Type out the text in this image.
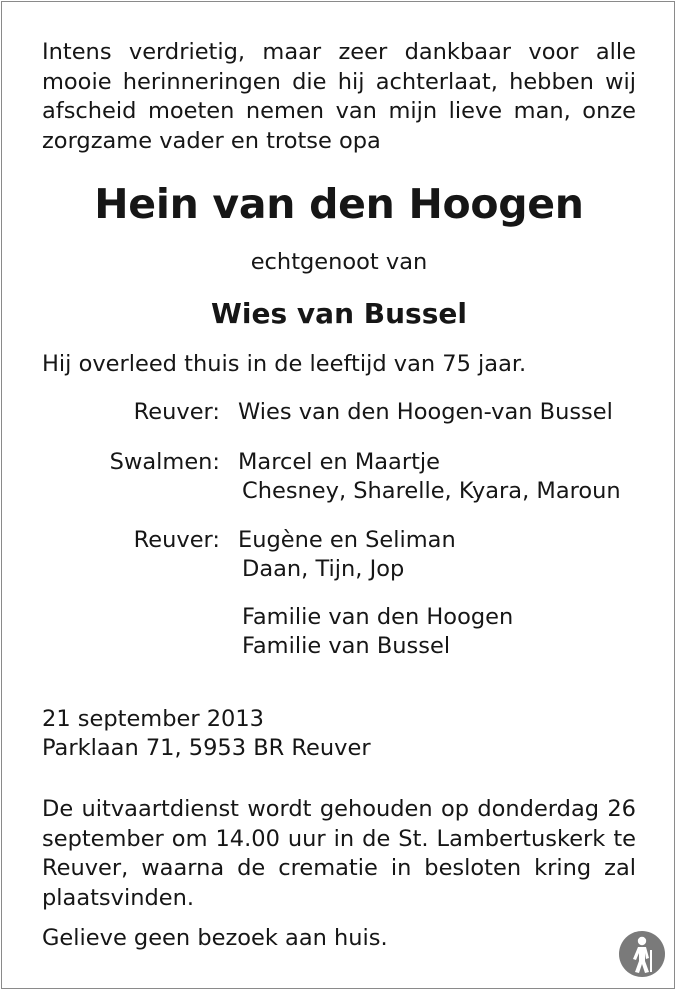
Intens verdrietig, maar zeer dankbaar voor alle mooie herinneringen die hij achterlaat, hebben wij afscheid moeten nemen van mijn lieve man, onze zorgzame vader en trotse opa

Hein van den Hoogen

echtgenoot van

Wies van Bussel

Hij overleed thuis in de leeftijd van 75 jaar.

Reuver: Wies van den Hoogen-van Bussel

Swalmen: Marcel en Maartje

Chesney, Sharelle, Kyara, Maroun

Reuver: Eugène en Seliman

Daan, Tijn, Jop

Familie van den Hoogen

Familie van Bussel

21 september 2013

Parklaan 71, 5953 BR Reuver

De uitvaartdienst wordt gehouden op donderdag 26 september om 14.00 uur in de St. Lambertuskerk te Reuver, waarna de crematie in besloten kring zal plaatsvinden.

Gelieve geen bezoek aan huis.
